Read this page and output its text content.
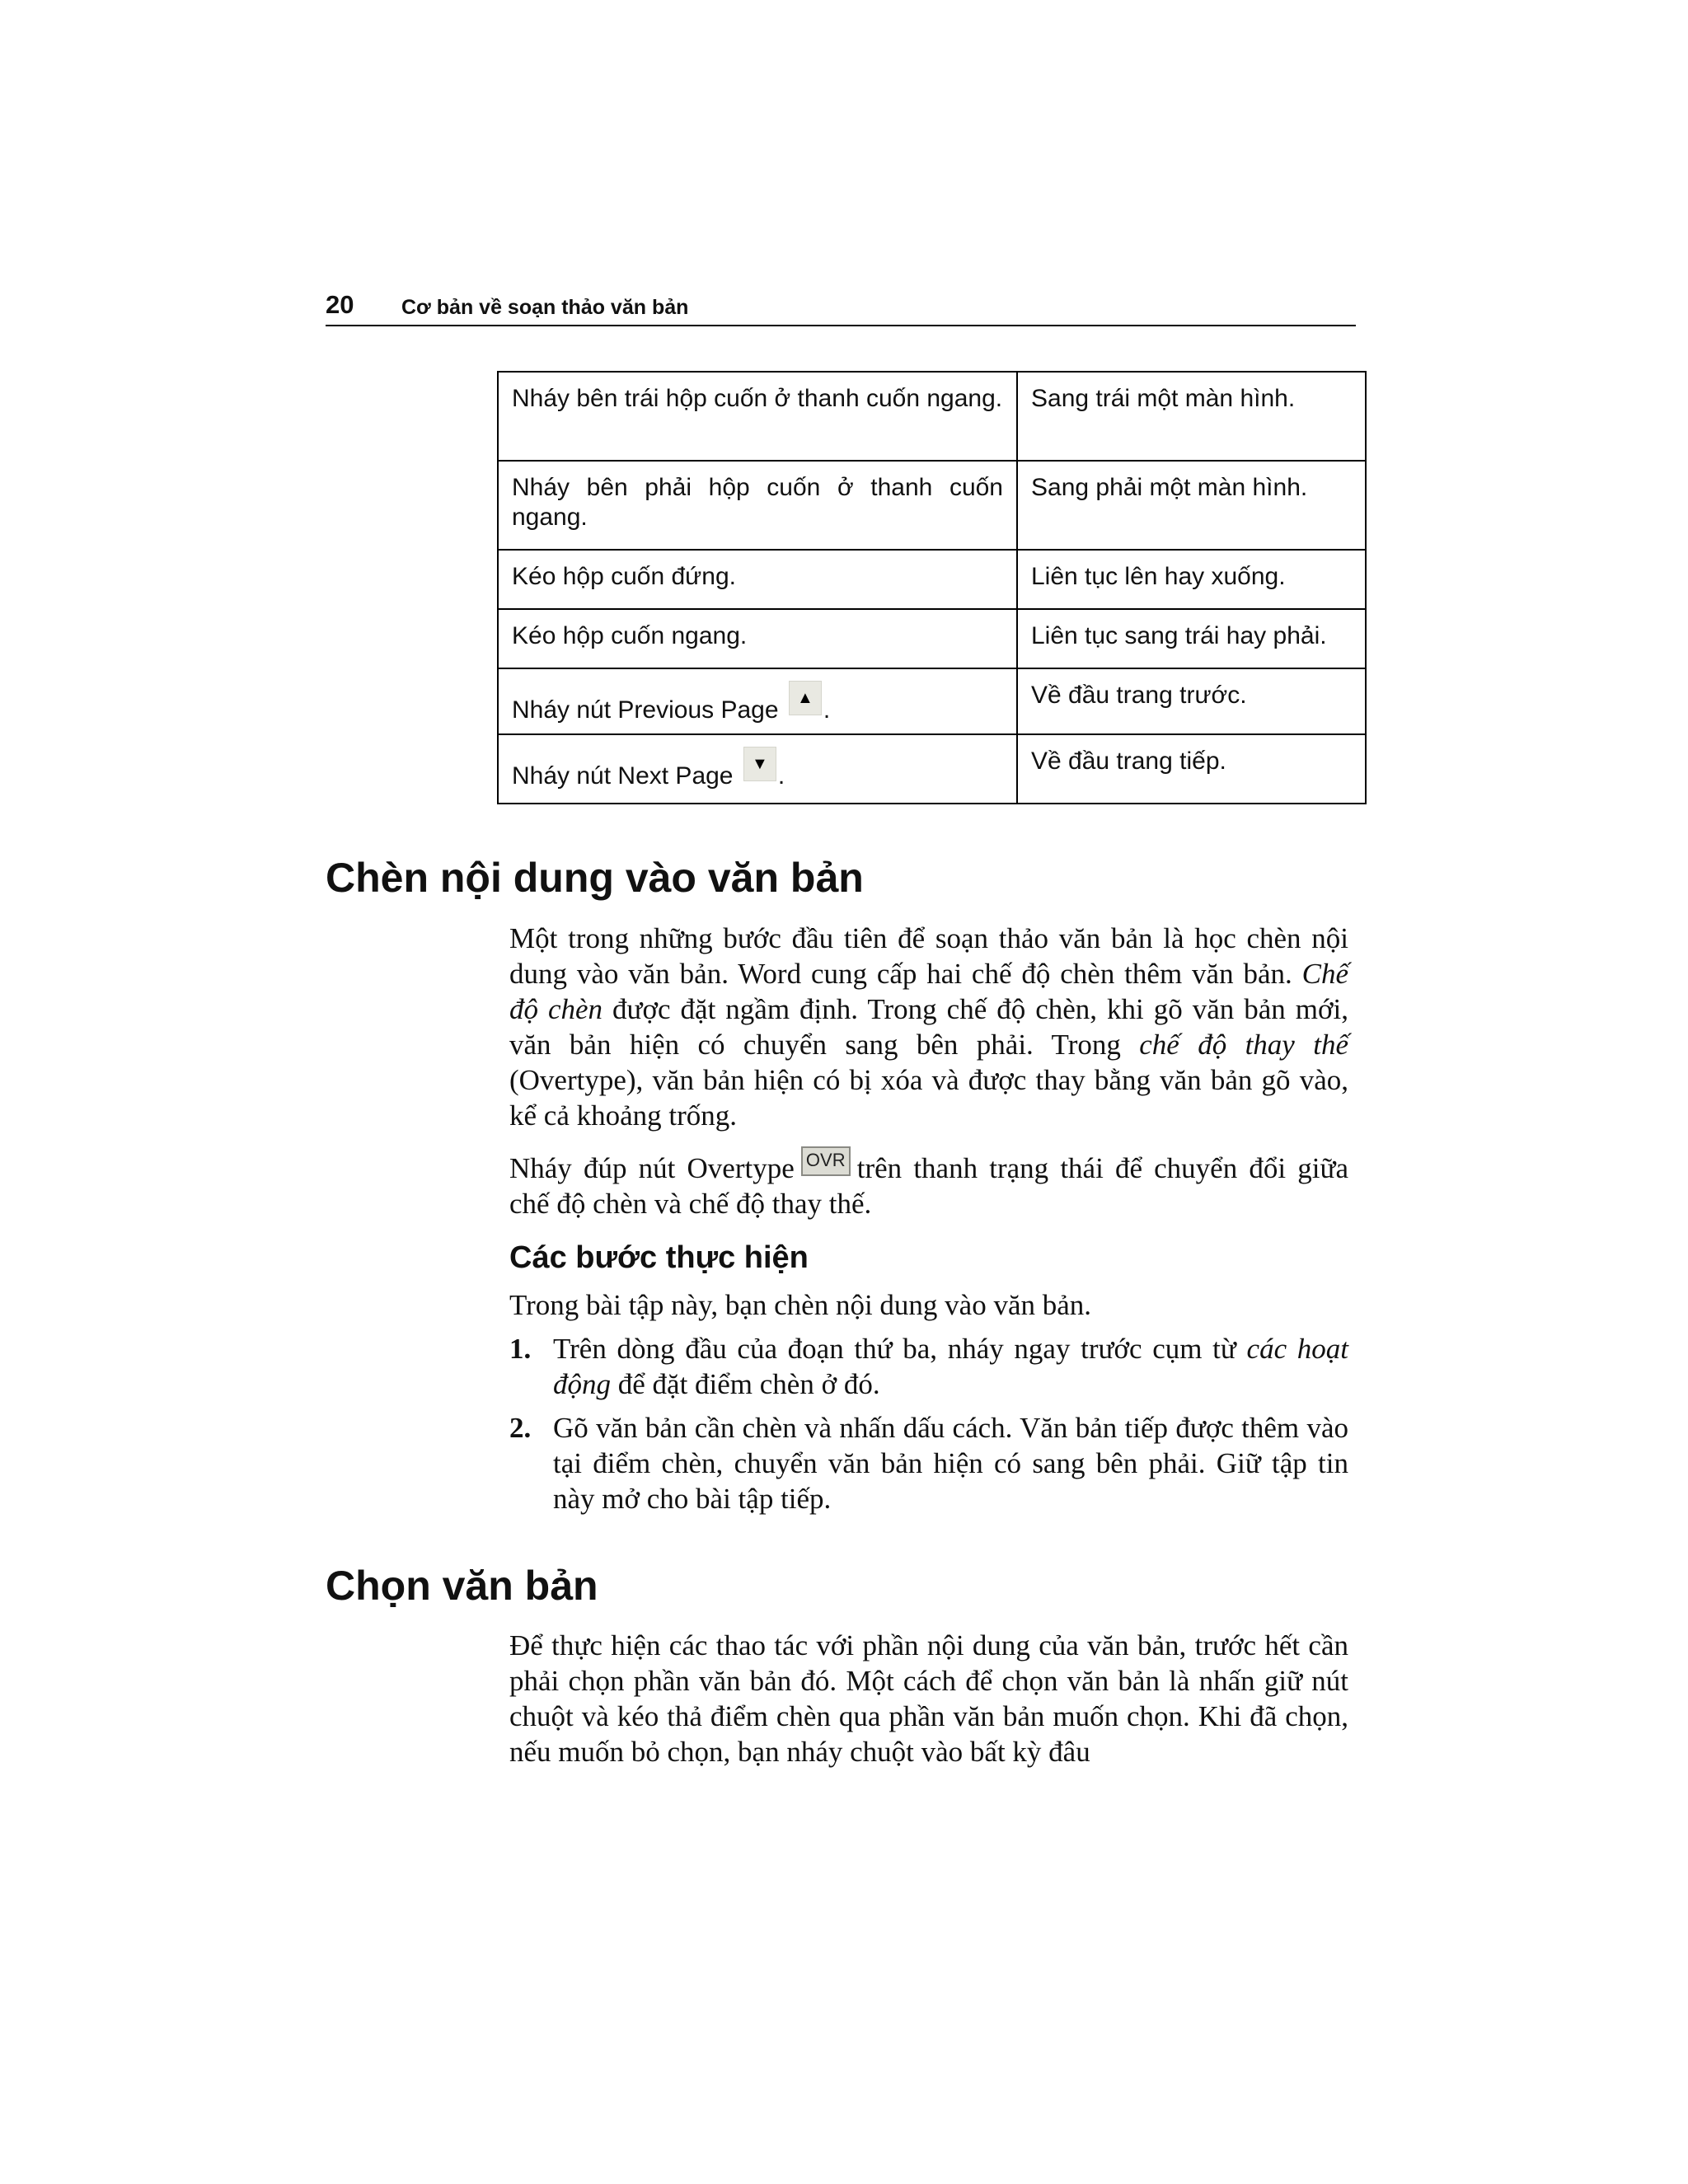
20 Cơ bản về soạn thảo văn bản
Nháy bên trái hộp cuốn ở thanh cuốn ngang.	Sang trái một màn hình.
Nháy bên phải hộp cuốn ở thanh cuốn ngang.	Sang phải một màn hình.
Kéo hộp cuốn đứng.	Liên tục lên hay xuống.
Kéo hộp cuốn ngang.	Liên tục sang trái hay phải.
Nháy nút Previous Page ▲ .	Về đầu trang trước.
Nháy nút Next Page ▼ .	Về đầu trang tiếp.
Chèn nội dung vào văn bản

Một trong những bước đầu tiên để soạn thảo văn bản là học chèn nội dung vào văn bản. Word cung cấp hai chế độ chèn thêm văn bản. Chế độ chèn được đặt ngầm định. Trong chế độ chèn, khi gõ văn bản mới, văn bản hiện có chuyển sang bên phải. Trong chế độ thay thế (Overtype), văn bản hiện có bị xóa và được thay bằng văn bản gõ vào, kể cả khoảng trống.

Nháy đúp nút Overtype OVR trên thanh trạng thái để chuyển đổi giữa chế độ chèn và chế độ thay thế.

Các bước thực hiện

Trong bài tập này, bạn chèn nội dung vào văn bản.

1. Trên dòng đầu của đoạn thứ ba, nháy ngay trước cụm từ các hoạt động để đặt điểm chèn ở đó.
2. Gõ văn bản cần chèn và nhấn dấu cách. Văn bản tiếp được thêm vào tại điểm chèn, chuyển văn bản hiện có sang bên phải. Giữ tập tin này mở cho bài tập tiếp.
Chọn văn bản

Để thực hiện các thao tác với phần nội dung của văn bản, trước hết cần phải chọn phần văn bản đó. Một cách để chọn văn bản là nhấn giữ nút chuột và kéo thả điểm chèn qua phần văn bản muốn chọn. Khi đã chọn, nếu muốn bỏ chọn, bạn nháy chuột vào bất kỳ đâu
